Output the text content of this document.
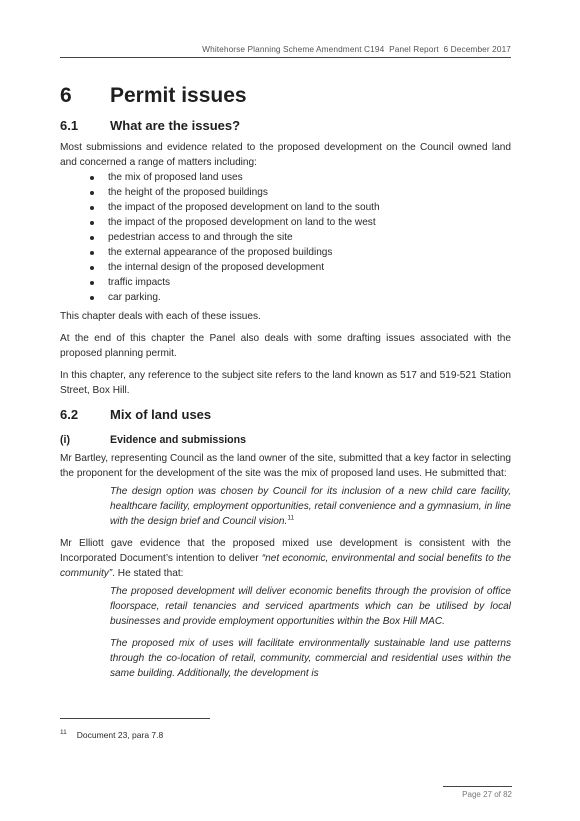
Whitehorse Planning Scheme Amendment C194  Panel Report  6 December 2017
6	Permit issues
6.1	What are the issues?

Most submissions and evidence related to the proposed development on the Council owned land and concerned a range of matters including:

the mix of proposed land uses
the height of the proposed buildings
the impact of the proposed development on land to the south
the impact of the proposed development on land to the west
pedestrian access to and through the site
the external appearance of the proposed buildings
the internal design of the proposed development
traffic impacts
car parking.

This chapter deals with each of these issues.

At the end of this chapter the Panel also deals with some drafting issues associated with the proposed planning permit.

In this chapter, any reference to the subject site refers to the land known as 517 and 519-521 Station Street, Box Hill.

6.2	Mix of land uses
(i)	Evidence and submissions

Mr Bartley, representing Council as the land owner of the site, submitted that a key factor in selecting the proponent for the development of the site was the mix of proposed land uses. He submitted that:

The design option was chosen by Council for its inclusion of a new child care facility, healthcare facility, employment opportunities, retail convenience and a gymnasium, in line with the design brief and Council vision.$^{11}$

Mr Elliott gave evidence that the proposed mixed use development is consistent with the Incorporated Document’s intention to deliver “net economic, environmental and social benefits to the community”. He stated that:

The proposed development will deliver economic benefits through the provision of office floorspace, retail tenancies and serviced apartments which can be utilised by local businesses and provide employment opportunities within the Box Hill MAC.
The proposed mix of uses will facilitate environmentally sustainable land use patterns through the co-location of retail, community, commercial and residential uses within the same building. Additionally, the development is
$^{11}$ Document 23, para 7.8
Page 27 of 82
